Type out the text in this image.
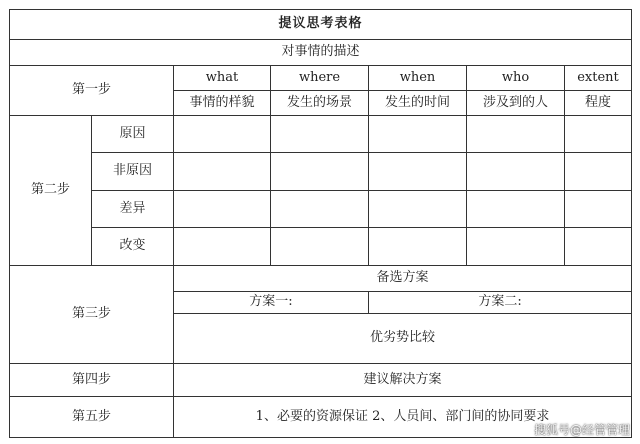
提议思考表格						
对事情的描述						
第一步		what	where	when	who	extent
		事情的样貌	发生的场景	发生的时间	涉及到的人	程度
第二步	原因					
	非原因					
	差异					
	改变					
第三步		备选方案				
		方案一:		方案二:		
		优劣势比较				
第四步		建议解决方案				
第五步		1、必要的资源保证 2、人员间、部门间的协同要求				
搜狐号@经管管理
